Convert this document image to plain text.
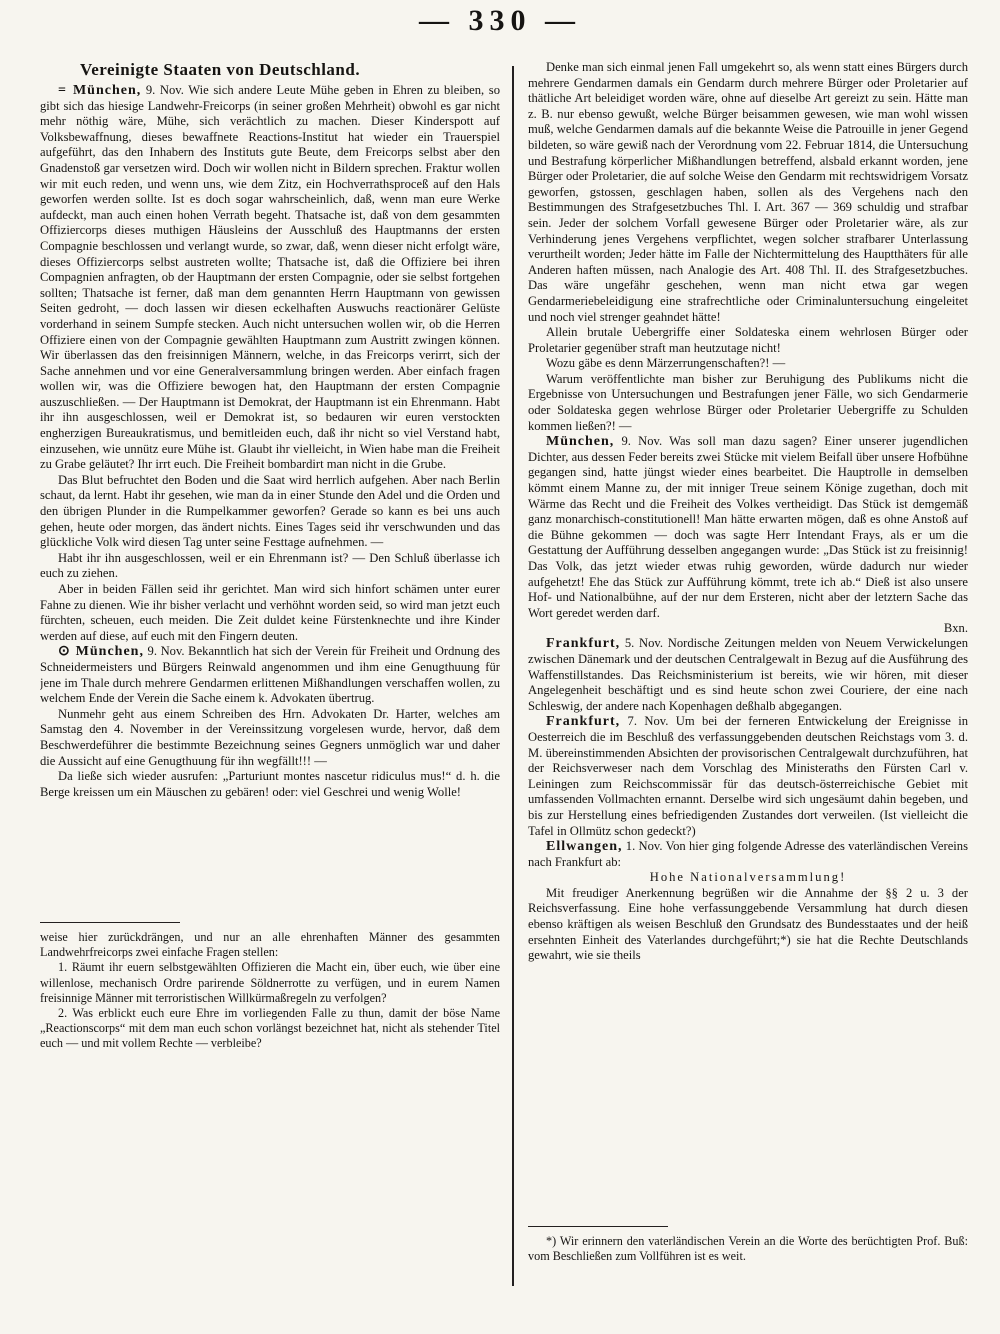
— 330 —
Vereinigte Staaten von Deutschland.

= München, 9. Nov. Wie sich andere Leute Mühe geben in Ehren zu bleiben, so gibt sich das hiesige Landwehr-Freicorps (in seiner großen Mehrheit) obwohl es gar nicht mehr nöthig wäre, Mühe, sich verächtlich zu machen. Dieser Kinderspott auf Volksbewaffnung, dieses bewaffnete Reactions-Institut hat wieder ein Trauerspiel aufgeführt, das den Inhabern des Instituts gute Beute, dem Freicorps selbst aber den Gnadenstoß gar versetzen wird. Doch wir wollen nicht in Bildern sprechen. Fraktur wollen wir mit euch reden, und wenn uns, wie dem Zitz, ein Hochverrathsproceß auf den Hals geworfen werden sollte. Ist es doch sogar wahrscheinlich, daß, wenn man eure Werke aufdeckt, man auch einen hohen Verrath begeht. Thatsache ist, daß von dem gesammten Offiziercorps dieses muthigen Häusleins der Ausschluß des Hauptmanns der ersten Compagnie beschlossen und verlangt wurde, so zwar, daß, wenn dieser nicht erfolgt wäre, dieses Offiziercorps selbst austreten wollte; Thatsache ist, daß die Offiziere bei ihren Compagnien anfragten, ob der Hauptmann der ersten Compagnie, oder sie selbst fortgehen sollten; Thatsache ist ferner, daß man dem genannten Herrn Hauptmann von gewissen Seiten gedroht, — doch lassen wir diesen eckelhaften Auswuchs reactionärer Gelüste vorderhand in seinem Sumpfe stecken. Auch nicht untersuchen wollen wir, ob die Herren Offiziere einen von der Compagnie gewählten Hauptmann zum Austritt zwingen können. Wir überlassen das den freisinnigen Männern, welche, in das Freicorps verirrt, sich der Sache annehmen und vor eine Generalversammlung bringen werden. Aber einfach fragen wollen wir, was die Offiziere bewogen hat, den Hauptmann der ersten Compagnie auszuschließen. — Der Hauptmann ist Demokrat, der Hauptmann ist ein Ehrenmann. Habt ihr ihn ausgeschlossen, weil er Demokrat ist, so bedauren wir euren verstockten engherzigen Bureaukratismus, und bemitleiden euch, daß ihr nicht so viel Verstand habt, einzusehen, wie unnütz eure Mühe ist. Glaubt ihr vielleicht, in Wien habe man die Freiheit zu Grabe geläutet? Ihr irrt euch. Die Freiheit bombardirt man nicht in die Grube.

Das Blut befruchtet den Boden und die Saat wird herrlich aufgehen. Aber nach Berlin schaut, da lernt. Habt ihr gesehen, wie man da in einer Stunde den Adel und die Orden und den übrigen Plunder in die Rumpelkammer geworfen? Gerade so kann es bei uns auch gehen, heute oder morgen, das ändert nichts. Eines Tages seid ihr verschwunden und das glückliche Volk wird diesen Tag unter seine Festtage aufnehmen. —

Habt ihr ihn ausgeschlossen, weil er ein Ehrenmann ist? — Den Schluß überlasse ich euch zu ziehen.

Aber in beiden Fällen seid ihr gerichtet. Man wird sich hinfort schämen unter eurer Fahne zu dienen. Wie ihr bisher verlacht und verhöhnt worden seid, so wird man jetzt euch fürchten, scheuen, euch meiden. Die Zeit duldet keine Fürstenknechte und ihre Kinder werden auf diese, auf euch mit den Fingern deuten.

⊙ München, 9. Nov. Bekanntlich hat sich der Verein für Freiheit und Ordnung des Schneidermeisters und Bürgers Reinwald angenommen und ihm eine Genugthuung für jene im Thale durch mehrere Gendarmen erlittenen Mißhandlungen verschaffen wollen, zu welchem Ende der Verein die Sache einem k. Advokaten übertrug.

Nunmehr geht aus einem Schreiben des Hrn. Advokaten Dr. Harter, welches am Samstag den 4. November in der Vereinssitzung vorgelesen wurde, hervor, daß dem Beschwerdeführer die bestimmte Bezeichnung seines Gegners unmöglich war und daher die Aussicht auf eine Genugthuung für ihn wegfällt!!! —

Da ließe sich wieder ausrufen: „Parturiunt montes nascetur ridiculus mus!“ d. h. die Berge kreissen um ein Mäuschen zu gebären! oder: viel Geschrei und wenig Wolle!

weise hier zurückdrängen, und nur an alle ehrenhaften Männer des gesammten Landwehrfreicorps zwei einfache Fragen stellen:

1. Räumt ihr euern selbstgewählten Offizieren die Macht ein, über euch, wie über eine willenlose, mechanisch Ordre parirende Söldnerrotte zu verfügen, und in eurem Namen freisinnige Männer mit terroristischen Willkürmaßregeln zu verfolgen?

2. Was erblickt euch eure Ehre im vorliegenden Falle zu thun, damit der böse Name „Reactionscorps“ mit dem man euch schon vorlängst bezeichnet hat, nicht als stehender Titel euch — und mit vollem Rechte — verbleibe?

Denke man sich einmal jenen Fall umgekehrt so, als wenn statt eines Bürgers durch mehrere Gendarmen damals ein Gendarm durch mehrere Bürger oder Proletarier auf thätliche Art beleidiget worden wäre, ohne auf dieselbe Art gereizt zu sein. Hätte man z. B. nur ebenso gewußt, welche Bürger beisammen gewesen, wie man wohl wissen muß, welche Gendarmen damals auf die bekannte Weise die Patrouille in jener Gegend bildeten, so wäre gewiß nach der Verordnung vom 22. Februar 1814, die Untersuchung und Bestrafung körperlicher Mißhandlungen betreffend, alsbald erkannt worden, jene Bürger oder Proletarier, die auf solche Weise den Gendarm mit rechtswidrigem Vorsatz geworfen, gstossen, geschlagen haben, sollen als des Vergehens nach den Bestimmungen des Strafgesetzbuches Thl. I. Art. 367 — 369 schuldig und strafbar sein. Jeder der solchem Vorfall gewesene Bürger oder Proletarier wäre, als zur Verhinderung jenes Vergehens verpflichtet, wegen solcher strafbarer Unterlassung verurtheilt worden; Jeder hätte im Falle der Nichtermittelung des Hauptthäters für alle Anderen haften müssen, nach Analogie des Art. 408 Thl. II. des Strafgesetzbuches. Das wäre ungefähr geschehen, wenn man nicht etwa gar wegen Gendarmeriebeleidigung eine strafrechtliche oder Criminaluntersuchung eingeleitet und noch viel strenger geahndet hätte!

Allein brutale Uebergriffe einer Soldateska einem wehrlosen Bürger oder Proletarier gegenüber straft man heutzutage nicht!

Wozu gäbe es denn Märzerrungenschaften?! —

Warum veröffentlichte man bisher zur Beruhigung des Publikums nicht die Ergebnisse von Untersuchungen und Bestrafungen jener Fälle, wo sich Gendarmerie oder Soldateska gegen wehrlose Bürger oder Proletarier Uebergriffe zu Schulden kommen ließen?! —

München, 9. Nov. Was soll man dazu sagen? Einer unserer jugendlichen Dichter, aus dessen Feder bereits zwei Stücke mit vielem Beifall über unsere Hofbühne gegangen sind, hatte jüngst wieder eines bearbeitet. Die Hauptrolle in demselben kömmt einem Manne zu, der mit inniger Treue seinem Könige zugethan, doch mit Wärme das Recht und die Freiheit des Volkes vertheidigt. Das Stück ist demgemäß ganz monarchisch-constitutionell! Man hätte erwarten mögen, daß es ohne Anstoß auf die Bühne gekommen — doch was sagte Herr Intendant Frays, als er um die Gestattung der Aufführung desselben angegangen wurde: „Das Stück ist zu freisinnig! Das Volk, das jetzt wieder etwas ruhig geworden, würde dadurch nur wieder aufgehetzt! Ehe das Stück zur Aufführung kömmt, trete ich ab.“ Dieß ist also unsere Hof- und Nationalbühne, auf der nur dem Ersteren, nicht aber der letztern Sache das Wort geredet werden darf.

Bxn.

Frankfurt, 5. Nov. Nordische Zeitungen melden von Neuem Verwickelungen zwischen Dänemark und der deutschen Centralgewalt in Bezug auf die Ausführung des Waffenstillstandes. Das Reichsministerium ist bereits, wie wir hören, mit dieser Angelegenheit beschäftigt und es sind heute schon zwei Couriere, der eine nach Schleswig, der andere nach Kopenhagen deßhalb abgegangen.

Frankfurt, 7. Nov. Um bei der ferneren Entwickelung der Ereignisse in Oesterreich die im Beschluß des verfassunggebenden deutschen Reichstags vom 3. d. M. übereinstimmenden Absichten der provisorischen Centralgewalt durchzuführen, hat der Reichsverweser nach dem Vorschlag des Ministeraths den Fürsten Carl v. Leiningen zum Reichscommissär für das deutsch-österreichische Gebiet mit umfassenden Vollmachten ernannt. Derselbe wird sich ungesäumt dahin begeben, und bis zur Herstellung eines befriedigenden Zustandes dort verweilen. (Ist vielleicht die Tafel in Ollmütz schon gedeckt?)

Ellwangen, 1. Nov. Von hier ging folgende Adresse des vaterländischen Vereins nach Frankfurt ab:

Hohe Nationalversammlung!

Mit freudiger Anerkennung begrüßen wir die Annahme der §§ 2 u. 3 der Reichsverfassung. Eine hohe verfassunggebende Versammlung hat durch diesen ebenso kräftigen als weisen Beschluß den Grundsatz des Bundesstaates und der heiß ersehnten Einheit des Vaterlandes durchgeführt;*) sie hat die Rechte Deutschlands gewahrt, wie sie theils

*) Wir erinnern den vaterländischen Verein an die Worte des berüchtigten Prof. Buß: vom Beschließen zum Vollführen ist es weit.
